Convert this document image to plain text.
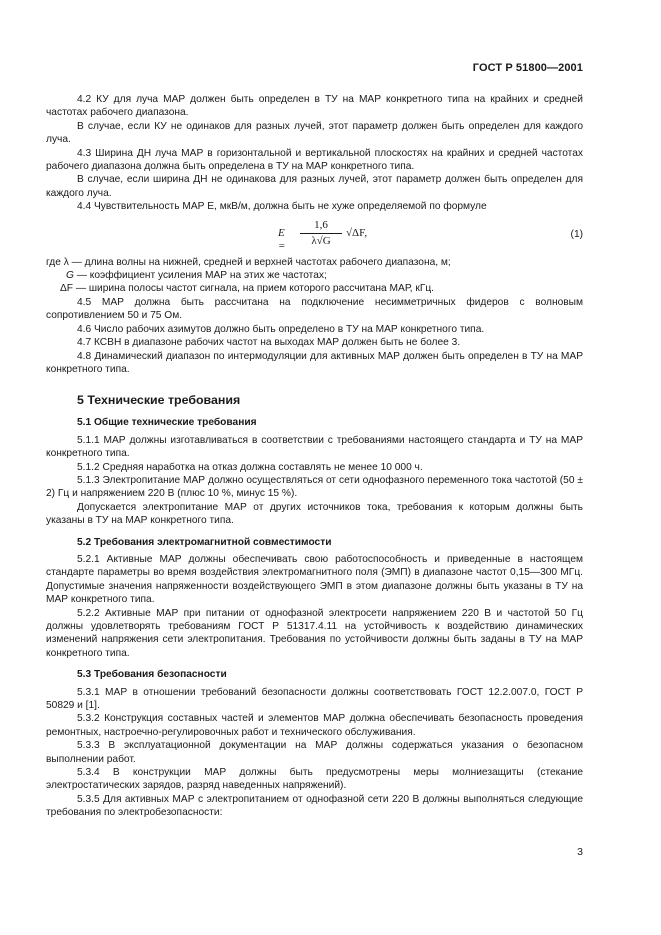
ГОСТ Р 51800—2001

4.2 КУ для луча МАР должен быть определен в ТУ на МАР конкретного типа на крайних и средней частотах рабочего диапазона.

В случае, если КУ не одинаков для разных лучей, этот параметр должен быть определен для каждого луча.

4.3 Ширина ДН луча МАР в горизонтальной и вертикальной плоскостях на крайних и средней частотах рабочего диапазона должна быть определена в ТУ на МАР конкретного типа.

В случае, если ширина ДН не одинакова для разных лучей, этот параметр должен быть определен для каждого луча.

4.4 Чувствительность МАР Е, мкВ/м, должна быть не хуже определяемой по формуле

$E = \frac{1,6}{\lambda√G} √\Delta F$,	(1)

где λ — длина волны на нижней, средней и верхней частотах рабочего диапазона, м;

G — коэффициент усиления МАР на этих же частотах;

ΔF — ширина полосы частот сигнала, на прием которого рассчитана МАР, кГц.

4.5 МАР должна быть рассчитана на подключение несимметричных фидеров с волновым сопротивлением 50 и 75 Ом.

4.6 Число рабочих азимутов должно быть определено в ТУ на МАР конкретного типа.

4.7 КСВН в диапазоне рабочих частот на выходах МАР должен быть не более 3.

4.8 Динамический диапазон по интермодуляции для активных МАР должен быть определен в ТУ на МАР конкретного типа.

5 Технические требования
5.1 Общие технические требования

5.1.1 МАР должны изготавливаться в соответствии с требованиями настоящего стандарта и ТУ на МАР конкретного типа.

5.1.2 Средняя наработка на отказ должна составлять не менее 10 000 ч.

5.1.3 Электропитание МАР должно осуществляться от сети однофазного переменного тока частотой (50 ± 2) Гц и напряжением 220 В (плюс 10 %, минус 15 %).

Допускается электропитание МАР от других источников тока, требования к которым должны быть указаны в ТУ на МАР конкретного типа.

5.2 Требования электромагнитной совместимости

5.2.1 Активные МАР должны обеспечивать свою работоспособность и приведенные в настоящем стандарте параметры во время воздействия электромагнитного поля (ЭМП) в диапазоне частот 0,15—300 МГц. Допустимые значения напряженности воздействующего ЭМП в этом диапазоне должны быть указаны в ТУ на МАР конкретного типа.

5.2.2 Активные МАР при питании от однофазной электросети напряжением 220 В и частотой 50 Гц должны удовлетворять требованиям ГОСТ Р 51317.4.11 на устойчивость к воздействию динамических изменений напряжения сети электропитания. Требования по устойчивости должны быть заданы в ТУ на МАР конкретного типа.

5.3 Требования безопасности

5.3.1 МАР в отношении требований безопасности должны соответствовать ГОСТ 12.2.007.0, ГОСТ Р 50829 и [1].

5.3.2 Конструкция составных частей и элементов МАР должна обеспечивать безопасность проведения ремонтных, настроечно-регулировочных работ и технического обслуживания.

5.3.3 В эксплуатационной документации на МАР должны содержаться указания о безопасном выполнении работ.

5.3.4 В конструкции МАР должны быть предусмотрены меры молниезащиты (стекание электростатических зарядов, разряд наведенных напряжений).

5.3.5 Для активных МАР с электропитанием от однофазной сети 220 В должны выполняться следующие требования по электробезопасности:

3
